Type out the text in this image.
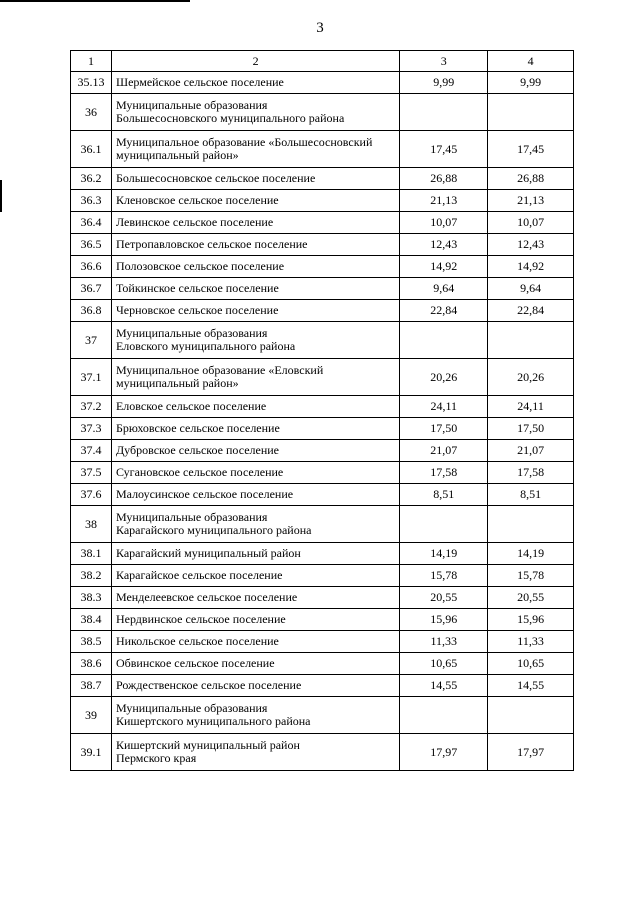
3
1	2	3	4
35.13	Шермейское сельское поселение	9,99	9,99
36	Муниципальные образования
Большесосновского муниципального района		
36.1	Муниципальное образование «Большесосновский
муниципальный район»	17,45	17,45
36.2	Большесосновское сельское поселение	26,88	26,88
36.3	Кленовское сельское поселение	21,13	21,13
36.4	Левинское сельское поселение	10,07	10,07
36.5	Петропавловское сельское поселение	12,43	12,43
36.6	Полозовское сельское поселение	14,92	14,92
36.7	Тойкинское сельское поселение	9,64	9,64
36.8	Черновское сельское поселение	22,84	22,84
37	Муниципальные образования
Еловского муниципального района		
37.1	Муниципальное образование «Еловский
муниципальный район»	20,26	20,26
37.2	Еловское сельское поселение	24,11	24,11
37.3	Брюховское сельское поселение	17,50	17,50
37.4	Дубровское сельское поселение	21,07	21,07
37.5	Сугановское сельское поселение	17,58	17,58
37.6	Малоусинское сельское поселение	8,51	8,51
38	Муниципальные образования
Карагайского муниципального района		
38.1	Карагайский муниципальный район	14,19	14,19
38.2	Карагайское сельское поселение	15,78	15,78
38.3	Менделеевское сельское поселение	20,55	20,55
38.4	Нердвинское сельское поселение	15,96	15,96
38.5	Никольское сельское поселение	11,33	11,33
38.6	Обвинское сельское поселение	10,65	10,65
38.7	Рождественское сельское поселение	14,55	14,55
39	Муниципальные образования
Кишертского муниципального района		
39.1	Кишертский муниципальный район
Пермского края	17,97	17,97
